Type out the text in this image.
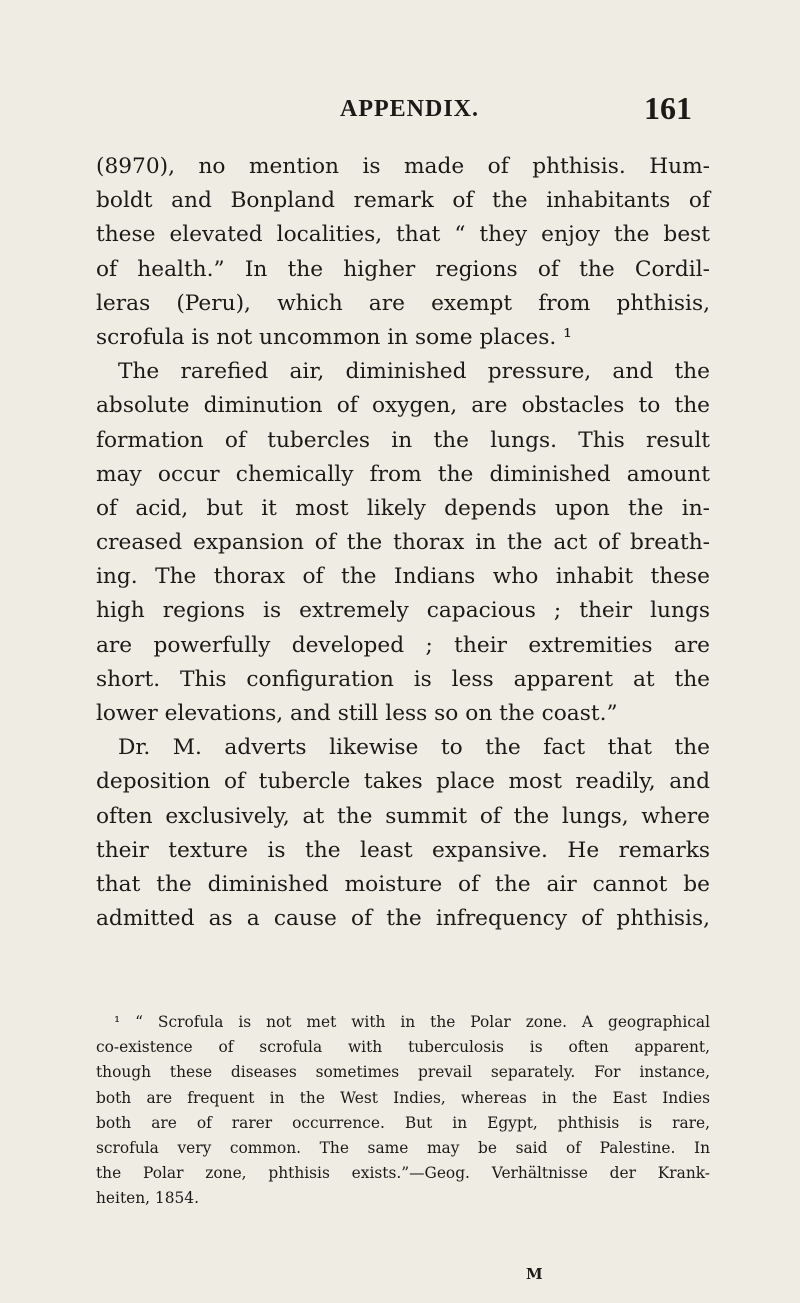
APPENDIX.	161
(8970), no mention is made of phthisis. Hum-
boldt and Bonpland remark of the inhabitants of
these elevated localities, that “ they enjoy the best
of health.” In the higher regions of the Cordil-
leras (Peru), which are exempt from phthisis,
scrofula is not uncommon in some places. ¹
The rarefied air, diminished pressure, and the
absolute diminution of oxygen, are obstacles to the
formation of tubercles in the lungs. This result
may occur chemically from the diminished amount
of acid, but it most likely depends upon the in-
creased expansion of the thorax in the act of breath-
ing. The thorax of the Indians who inhabit these
high regions is extremely capacious ; their lungs
are powerfully developed ; their extremities are
short. This configuration is less apparent at the
lower elevations, and still less so on the coast.”
Dr. M. adverts likewise to the fact that the
deposition of tubercle takes place most readily, and
often exclusively, at the summit of the lungs, where
their texture is the least expansive. He remarks
that the diminished moisture of the air cannot be
admitted as a cause of the infrequency of phthisis,
¹ “ Scrofula is not met with in the Polar zone. A geographical
co-existence of scrofula with tuberculosis is often apparent,
though these diseases sometimes prevail separately. For instance,
both are frequent in the West Indies, whereas in the East Indies
both are of rarer occurrence. But in Egypt, phthisis is rare,
scrofula very common. The same may be said of Palestine. In
the Polar zone, phthisis exists.”—Geog. Verhältnisse der Krank-
heiten, 1854.
M
